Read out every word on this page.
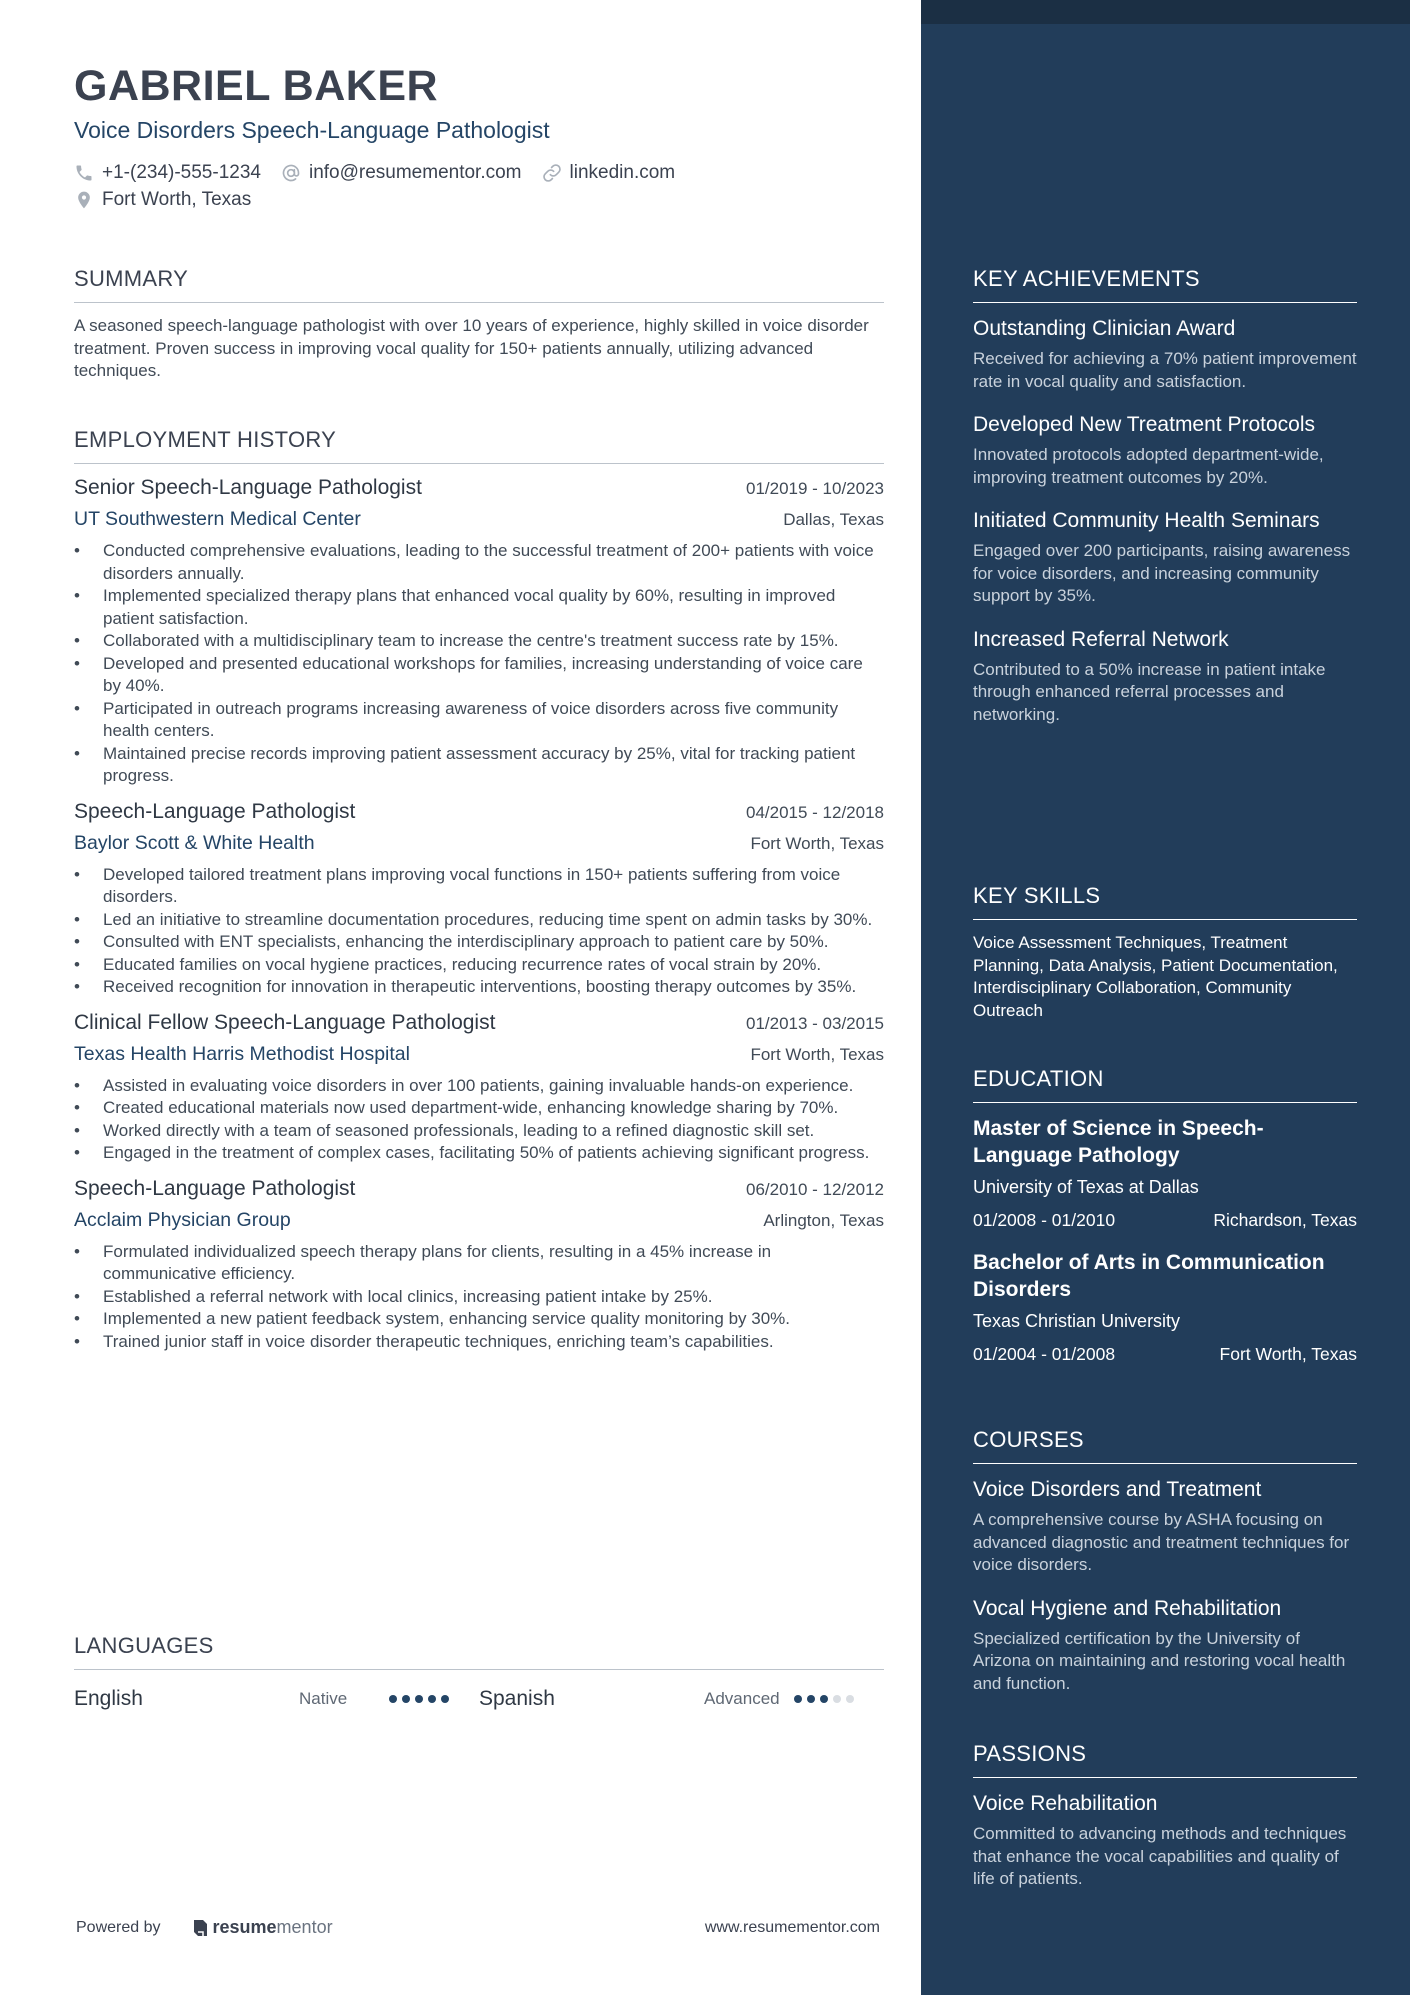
GABRIEL BAKER
Voice Disorders Speech-Language Pathologist
+1-(234)-555-1234	info@resumementor.com	linkedin.com
Fort Worth, Texas
SUMMARY
A seasoned speech-language pathologist with over 10 years of experience, highly skilled in voice disorder treatment. Proven success in improving vocal quality for 150+ patients annually, utilizing advanced techniques.
EMPLOYMENT HISTORY
Senior Speech-Language Pathologist	01/2019 - 10/2023
UT Southwestern Medical Center	Dallas, Texas
• Conducted comprehensive evaluations, leading to the successful treatment of 200+ patients with voice disorders annually.
• Implemented specialized therapy plans that enhanced vocal quality by 60%, resulting in improved patient satisfaction.
• Collaborated with a multidisciplinary team to increase the centre's treatment success rate by 15%.
• Developed and presented educational workshops for families, increasing understanding of voice care by 40%.
• Participated in outreach programs increasing awareness of voice disorders across five community health centers.
• Maintained precise records improving patient assessment accuracy by 25%, vital for tracking patient progress.
Speech-Language Pathologist	04/2015 - 12/2018
Baylor Scott & White Health	Fort Worth, Texas
• Developed tailored treatment plans improving vocal functions in 150+ patients suffering from voice disorders.
• Led an initiative to streamline documentation procedures, reducing time spent on admin tasks by 30%.
• Consulted with ENT specialists, enhancing the interdisciplinary approach to patient care by 50%.
• Educated families on vocal hygiene practices, reducing recurrence rates of vocal strain by 20%.
• Received recognition for innovation in therapeutic interventions, boosting therapy outcomes by 35%.
Clinical Fellow Speech-Language Pathologist	01/2013 - 03/2015
Texas Health Harris Methodist Hospital	Fort Worth, Texas
• Assisted in evaluating voice disorders in over 100 patients, gaining invaluable hands-on experience.
• Created educational materials now used department-wide, enhancing knowledge sharing by 70%.
• Worked directly with a team of seasoned professionals, leading to a refined diagnostic skill set.
• Engaged in the treatment of complex cases, facilitating 50% of patients achieving significant progress.
Speech-Language Pathologist	06/2010 - 12/2012
Acclaim Physician Group	Arlington, Texas
• Formulated individualized speech therapy plans for clients, resulting in a 45% increase in communicative efficiency.
• Established a referral network with local clinics, increasing patient intake by 25%.
• Implemented a new patient feedback system, enhancing service quality monitoring by 30%.
• Trained junior staff in voice disorder therapeutic techniques, enriching team’s capabilities.
LANGUAGES
English	Native	Spanish	Advanced
Powered by	resume mentor	www.resumementor.com
KEY ACHIEVEMENTS
Outstanding Clinician Award
Received for achieving a 70% patient improvement rate in vocal quality and satisfaction.
Developed New Treatment Protocols
Innovated protocols adopted department-wide, improving treatment outcomes by 20%.
Initiated Community Health Seminars
Engaged over 200 participants, raising awareness for voice disorders, and increasing community support by 35%.
Increased Referral Network
Contributed to a 50% increase in patient intake through enhanced referral processes and networking.
KEY SKILLS
Voice Assessment Techniques, Treatment Planning, Data Analysis, Patient Documentation, Interdisciplinary Collaboration, Community Outreach
EDUCATION
Master of Science in Speech-Language Pathology
University of Texas at Dallas
01/2008 - 01/2010	Richardson, Texas
Bachelor of Arts in Communication Disorders
Texas Christian University
01/2004 - 01/2008	Fort Worth, Texas
COURSES
Voice Disorders and Treatment
A comprehensive course by ASHA focusing on advanced diagnostic and treatment techniques for voice disorders.
Vocal Hygiene and Rehabilitation
Specialized certification by the University of Arizona on maintaining and restoring vocal health and function.
PASSIONS
Voice Rehabilitation
Committed to advancing methods and techniques that enhance the vocal capabilities and quality of life of patients.
